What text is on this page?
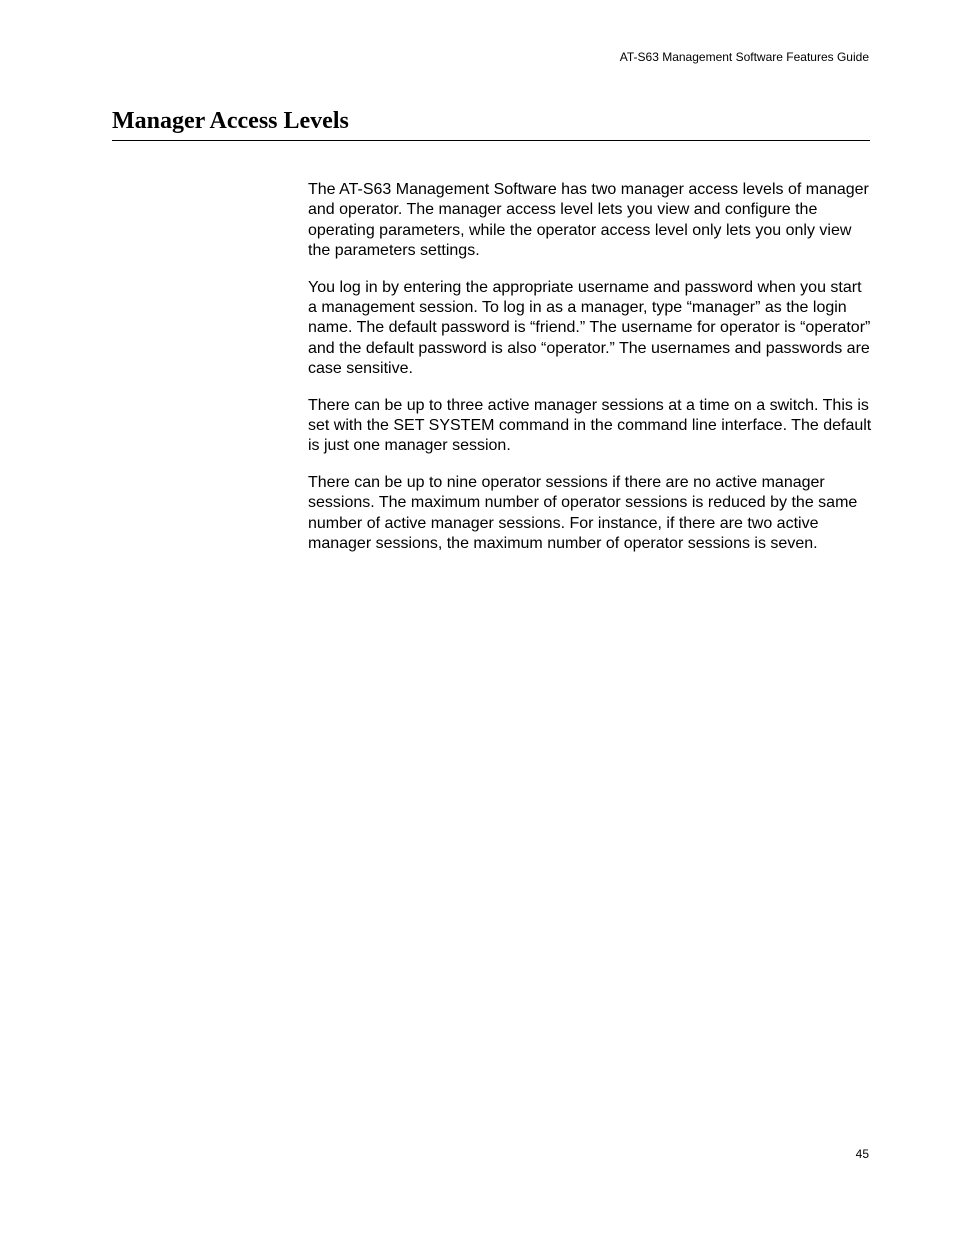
AT-S63 Management Software Features Guide
Manager Access Levels

The AT-S63 Management Software has two manager access levels of manager and operator. The manager access level lets you view and configure the operating parameters, while the operator access level only lets you only view the parameters settings.

You log in by entering the appropriate username and password when you start a management session. To log in as a manager, type “manager” as the login name. The default password is “friend.” The username for operator is “operator” and the default password is also “operator.” The usernames and passwords are case sensitive.

There can be up to three active manager sessions at a time on a switch. This is set with the SET SYSTEM command in the command line interface. The default is just one manager session.

There can be up to nine operator sessions if there are no active manager sessions. The maximum number of operator sessions is reduced by the same number of active manager sessions. For instance, if there are two active manager sessions, the maximum number of operator sessions is seven.

45
